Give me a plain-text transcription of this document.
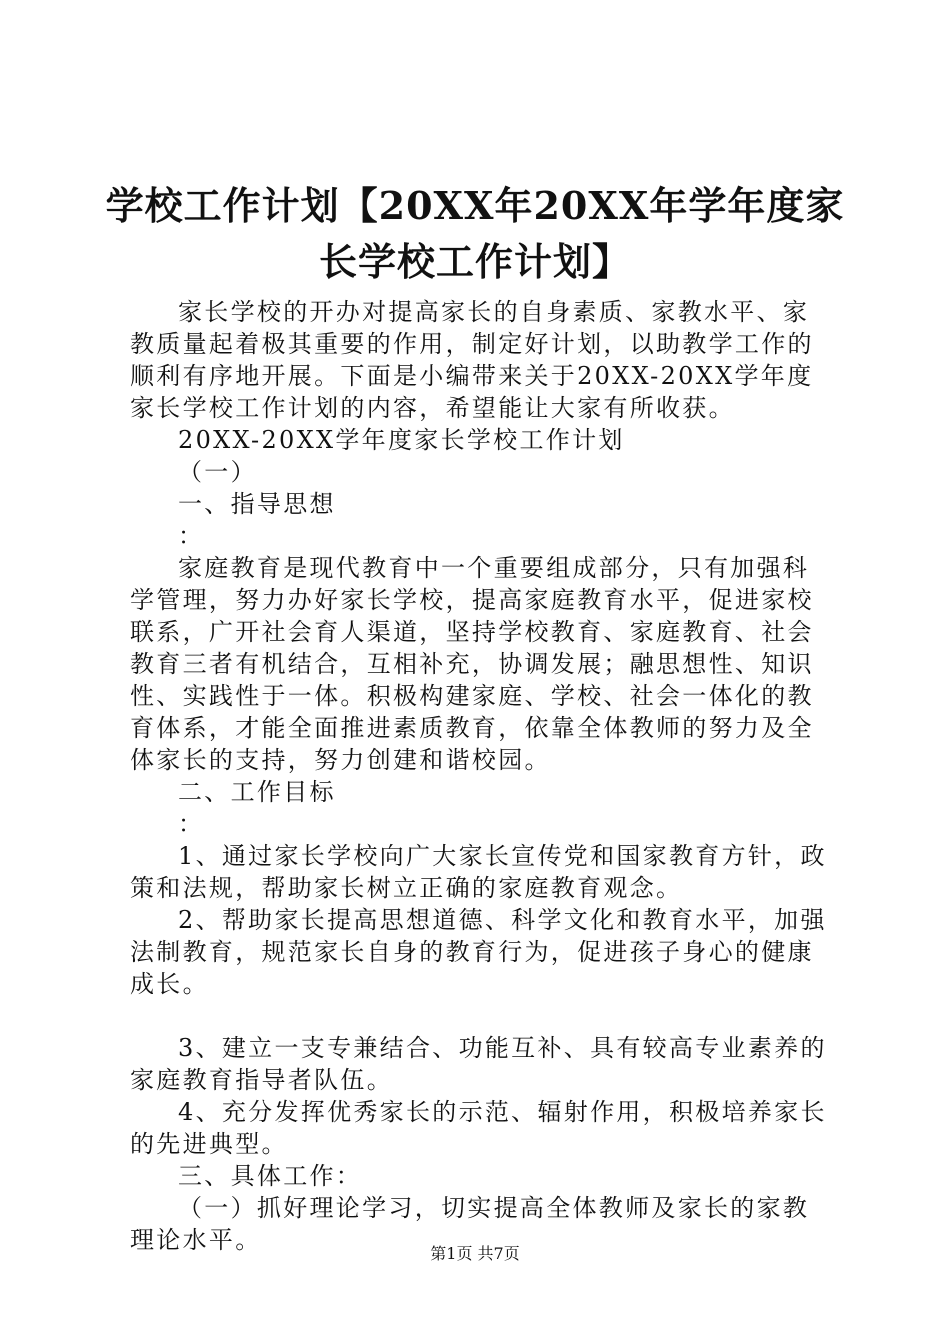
学校工作计划【20XX年20XX年学年度家长学校工作计划】

家长学校的开办对提高家长的自身素质、家教水平、家教质量起着极其重要的作用，制定好计划，以助教学工作的顺利有序地开展。下面是小编带来关于20XX-20XX学年度家长学校工作计划的内容，希望能让大家有所收获。

20XX-20XX学年度家长学校工作计划

（一）

一、指导思想

：

家庭教育是现代教育中一个重要组成部分，只有加强科学管理，努力办好家长学校，提高家庭教育水平，促进家校联系，广开社会育人渠道，坚持学校教育、家庭教育、社会教育三者有机结合，互相补充，协调发展；融思想性、知识性、实践性于一体。积极构建家庭、学校、社会一体化的教育体系，才能全面推进素质教育，依靠全体教师的努力及全体家长的支持，努力创建和谐校园。

二、工作目标

：

1、通过家长学校向广大家长宣传党和国家教育方针，政策和法规，帮助家长树立正确的家庭教育观念。

2、帮助家长提高思想道德、科学文化和教育水平，加强法制教育，规范家长自身的教育行为，促进孩子身心的健康成长。

3、建立一支专兼结合、功能互补、具有较高专业素养的家庭教育指导者队伍。

4、充分发挥优秀家长的示范、辐射作用，积极培养家长的先进典型。

三、具体工作：

（一）抓好理论学习，切实提高全体教师及家长的家教理论水平。	第1页 共7页
